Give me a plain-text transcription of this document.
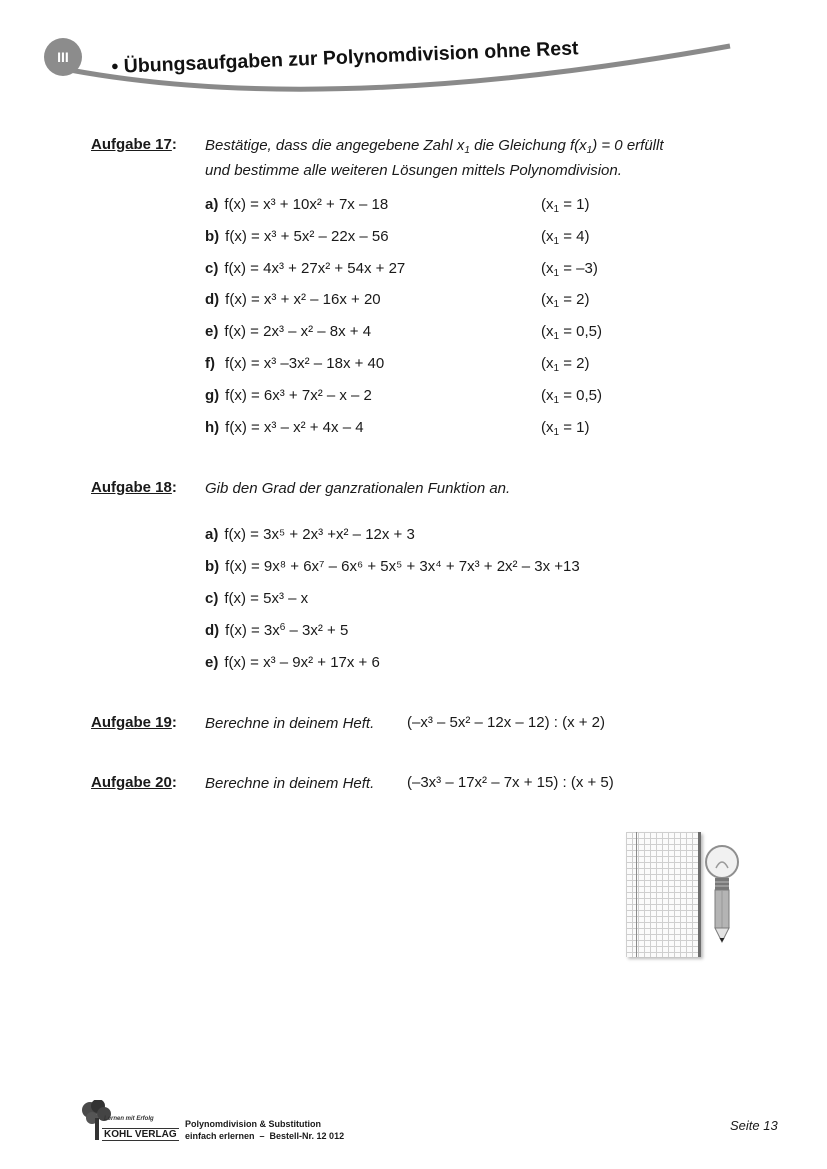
III	• Übungsaufgaben zur Polynomdivision ohne Rest
Aufgabe 17: Bestätige, dass die angegebene Zahl $x_1$ die Gleichung $f(x_1) = 0$ erfüllt
und bestimme alle weiteren Lösungen mittels Polynomdivision.
a) f(x) = x³ + 10x² + 7x – 18	$(x_1 = 1)$
b) f(x) = x³ + 5x² – 22x – 56	$(x_1 = 4)$
c) f(x) = 4x³ + 27x² + 54x + 27	$(x_1 = -3)$
d) f(x) = x³ + x² – 16x + 20	$(x_1 = 2)$
e) f(x) = 2x³ – x² – 8x + 4	$(x_1 = 0,5)$
f) f(x) = x³ –3x² – 18x + 40	$(x_1 = 2)$
g) f(x) = 6x³ + 7x² – x – 2	$(x_1 = 0,5)$
h) f(x) = x³ – x² + 4x – 4	$(x_1 = 1)$
Aufgabe 18: Gib den Grad der ganzrationalen Funktion an.
a) f(x) = 3x⁵ + 2x³ +x² – 12x + 3
b) f(x) = 9x⁸ + 6x⁷ – 6x⁶ + 5x⁵ + 3x⁴ + 7x³ + 2x² – 3x +13
c) f(x) = 5x³ – x
d) $f(x) = 3x^6 - 3x^2 + 5$
e) f(x) = x³ – 9x² + 17x + 6
Aufgabe 19: Berechne in deinem Heft. (–x³ – 5x² – 12x – 12) : (x + 2)
Aufgabe 20: Berechne in deinem Heft. (–3x³ – 17x² – 7x + 15) : (x + 5)
Lernen mit Erfolg
KOHL VERLAG
Polynomdivision & Substitution
einfach erlernen  –  Bestell-Nr. 12 012
Seite 13
